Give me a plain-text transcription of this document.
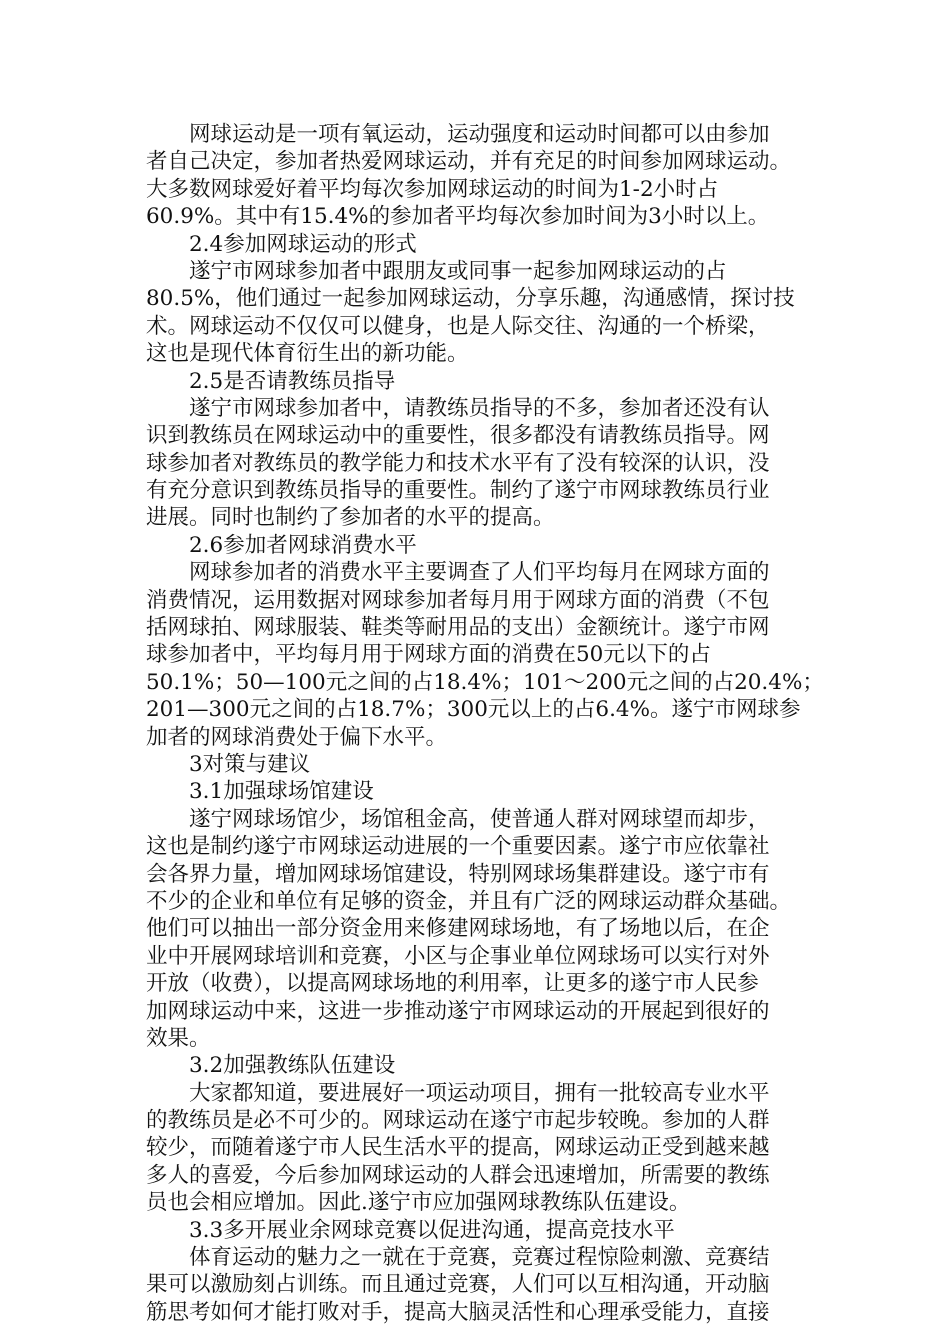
网球运动是一项有氧运动，运动强度和运动时间都可以由参加
者自己决定，参加者热爱网球运动，并有充足的时间参加网球运动。
大多数网球爱好着平均每次参加网球运动的时间为1-2小时占
60.9%。其中有15.4%的参加者平均每次参加时间为3小时以上。
2.4参加网球运动的形式
遂宁市网球参加者中跟朋友或同事一起参加网球运动的占
80.5%，他们通过一起参加网球运动，分享乐趣，沟通感情，探讨技
术。网球运动不仅仅可以健身，也是人际交往、沟通的一个桥梁，
这也是现代体育衍生出的新功能。
2.5是否请教练员指导
遂宁市网球参加者中，请教练员指导的不多，参加者还没有认
识到教练员在网球运动中的重要性，很多都没有请教练员指导。网
球参加者对教练员的教学能力和技术水平有了没有较深的认识，没
有充分意识到教练员指导的重要性。制约了遂宁市网球教练员行业
进展。同时也制约了参加者的水平的提高。
2.6参加者网球消费水平
网球参加者的消费水平主要调查了人们平均每月在网球方面的
消费情况，运用数据对网球参加者每月用于网球方面的消费（不包
括网球拍、网球服装、鞋类等耐用品的支出）金额统计。遂宁市网
球参加者中，平均每月用于网球方面的消费在50元以下的占
50.1%；50—100元之间的占18.4%；101～200元之间的占20.4%；
201—300元之间的占18.7%；300元以上的占6.4%。遂宁市网球参
加者的网球消费处于偏下水平。
3对策与建议
3.1加强球场馆建设
遂宁网球场馆少，场馆租金高，使普通人群对网球望而却步，
这也是制约遂宁市网球运动进展的一个重要因素。遂宁市应依靠社
会各界力量，增加网球场馆建设，特别网球场集群建设。遂宁市有
不少的企业和单位有足够的资金，并且有广泛的网球运动群众基础。
他们可以抽出一部分资金用来修建网球场地，有了场地以后，在企
业中开展网球培训和竞赛，小区与企事业单位网球场可以实行对外
开放（收费），以提高网球场地的利用率，让更多的遂宁市人民参
加网球运动中来，这进一步推动遂宁市网球运动的开展起到很好的
效果。
3.2加强教练队伍建设
大家都知道，要进展好一项运动项目，拥有一批较高专业水平
的教练员是必不可少的。网球运动在遂宁市起步较晚。参加的人群
较少，而随着遂宁市人民生活水平的提高，网球运动正受到越来越
多人的喜爱，今后参加网球运动的人群会迅速增加，所需要的教练
员也会相应增加。因此.遂宁市应加强网球教练队伍建设。
3.3多开展业余网球竞赛以促进沟通，提高竞技水平
体育运动的魅力之一就在于竞赛，竞赛过程惊险刺激、竞赛结
果可以激励刻占训练。而且通过竞赛，人们可以互相沟通，开动脑
筋思考如何才能打败对手，提高大脑灵活性和心理承受能力，直接
